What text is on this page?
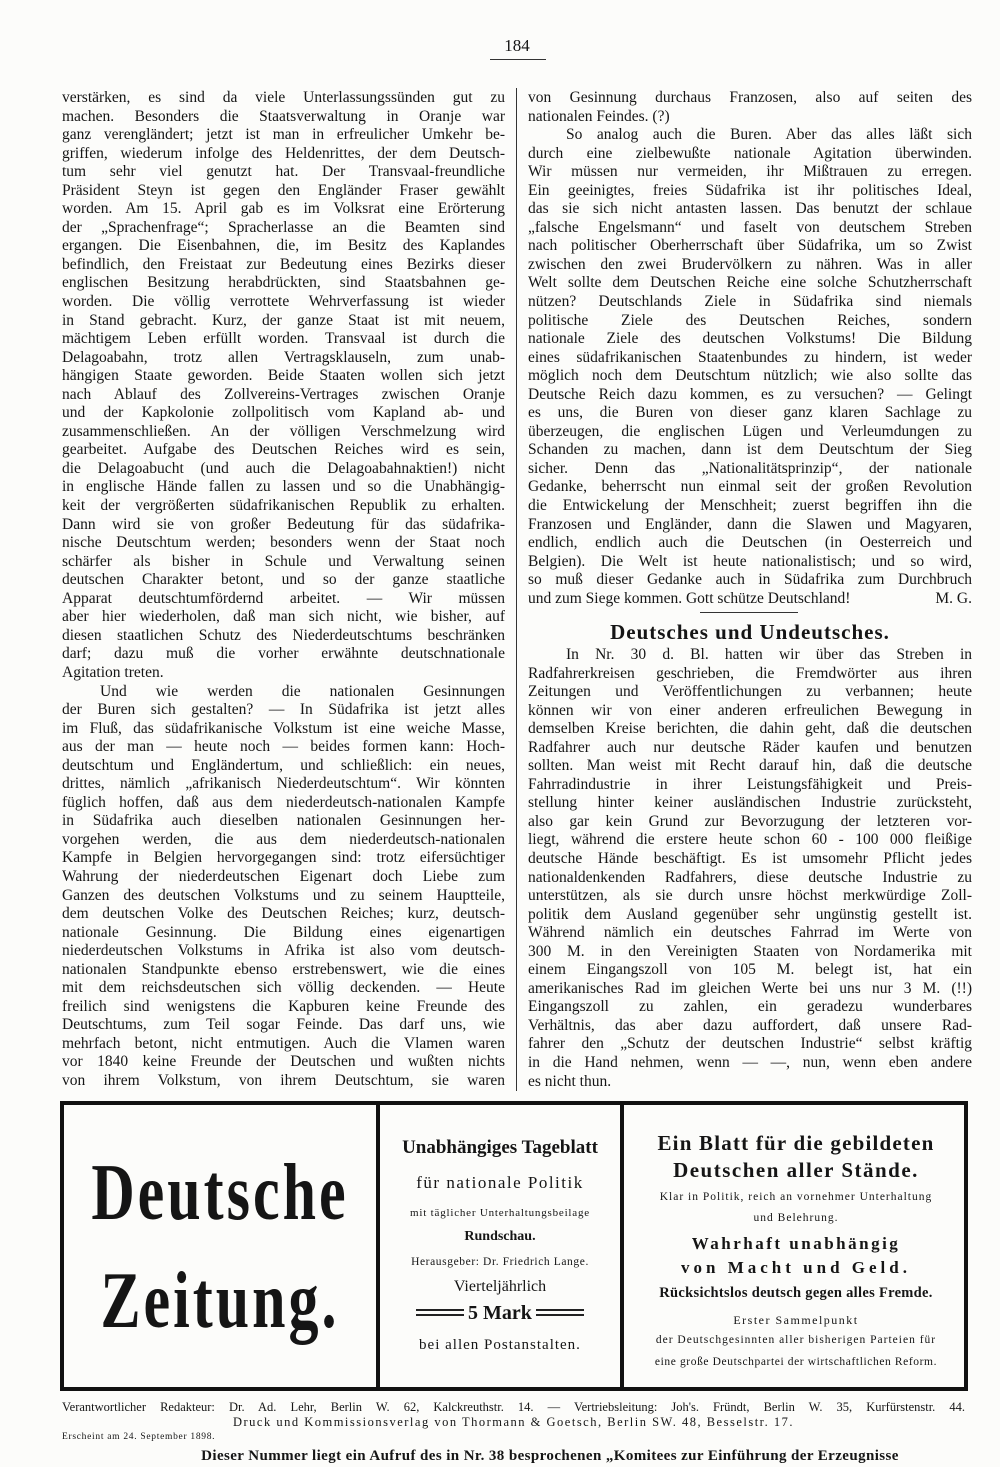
184
verstärken, es sind da viele Unterlassungssünden gut zu
machen. Besonders die Staatsverwaltung in Oranje war
ganz verengländert; jetzt ist man in erfreulicher Umkehr be-
griffen, wiederum infolge des Heldenrittes, der dem Deutsch-
tum sehr viel genutzt hat. Der Transvaal-freundliche
Präsident Steyn ist gegen den Engländer Fraser gewählt
worden. Am 15. April gab es im Volksrat eine Erörterung
der „Sprachenfrage“; Spracherlasse an die Beamten sind
ergangen. Die Eisenbahnen, die, im Besitz des Kaplandes
befindlich, den Freistaat zur Bedeutung eines Bezirks dieser
englischen Besitzung herabdrückten, sind Staatsbahnen ge-
worden. Die völlig verrottete Wehrverfassung ist wieder
in Stand gebracht. Kurz, der ganze Staat ist mit neuem,
mächtigem Leben erfüllt worden. Transvaal ist durch die
Delagoabahn, trotz allen Vertragsklauseln, zum unab-
hängigen Staate geworden. Beide Staaten wollen sich jetzt
nach Ablauf des Zollvereins-Vertrages zwischen Oranje
und der Kapkolonie zollpolitisch vom Kapland ab- und
zusammenschließen. An der völligen Verschmelzung wird
gearbeitet. Aufgabe des Deutschen Reiches wird es sein,
die Delagoabucht (und auch die Delagoabahnaktien!) nicht
in englische Hände fallen zu lassen und so die Unabhängig-
keit der vergrößerten südafrikanischen Republik zu erhalten.
Dann wird sie von großer Bedeutung für das südafrika-
nische Deutschtum werden; besonders wenn der Staat noch
schärfer als bisher in Schule und Verwaltung seinen
deutschen Charakter betont, und so der ganze staatliche
Apparat deutschtumfördernd arbeitet. — Wir müssen
aber hier wiederholen, daß man sich nicht, wie bisher, auf
diesen staatlichen Schutz des Niederdeutschtums beschränken
darf; dazu muß die vorher erwähnte deutschnationale
Agitation treten.
Und wie werden die nationalen Gesinnungen
der Buren sich gestalten? — In Südafrika ist jetzt alles
im Fluß, das südafrikanische Volkstum ist eine weiche Masse,
aus der man — heute noch — beides formen kann: Hoch-
deutschtum und Engländertum, und schließlich: ein neues,
drittes, nämlich „afrikanisch Niederdeutschtum“. Wir könnten
füglich hoffen, daß aus dem niederdeutsch-nationalen Kampfe
in Südafrika auch dieselben nationalen Gesinnungen her-
vorgehen werden, die aus dem niederdeutsch-nationalen
Kampfe in Belgien hervorgegangen sind: trotz eifersüchtiger
Wahrung der niederdeutschen Eigenart doch Liebe zum
Ganzen des deutschen Volkstums und zu seinem Hauptteile,
dem deutschen Volke des Deutschen Reiches; kurz, deutsch-
nationale Gesinnung. Die Bildung eines eigenartigen
niederdeutschen Volkstums in Afrika ist also vom deutsch-
nationalen Standpunkte ebenso erstrebenswert, wie die eines
mit dem reichsdeutschen sich völlig deckenden. — Heute
freilich sind wenigstens die Kapburen keine Freunde des
Deutschtums, zum Teil sogar Feinde. Das darf uns, wie
mehrfach betont, nicht entmutigen. Auch die Vlamen waren
vor 1840 keine Freunde der Deutschen und wußten nichts
von ihrem Volkstum, von ihrem Deutschtum, sie waren
von Gesinnung durchaus Franzosen, also auf seiten des
nationalen Feindes. (?)
So analog auch die Buren. Aber das alles läßt sich
durch eine zielbewußte nationale Agitation überwinden.
Wir müssen nur vermeiden, ihr Mißtrauen zu erregen.
Ein geeinigtes, freies Südafrika ist ihr politisches Ideal,
das sie sich nicht antasten lassen. Das benutzt der schlaue
„falsche Engelsmann“ und faselt von deutschem Streben
nach politischer Oberherrschaft über Südafrika, um so Zwist
zwischen den zwei Brudervölkern zu nähren. Was in aller
Welt sollte dem Deutschen Reiche eine solche Schutzherrschaft
nützen? Deutschlands Ziele in Südafrika sind niemals
politische Ziele des Deutschen Reiches, sondern
nationale Ziele des deutschen Volkstums! Die Bildung
eines südafrikanischen Staatenbundes zu hindern, ist weder
möglich noch dem Deutschtum nützlich; wie also sollte das
Deutsche Reich dazu kommen, es zu versuchen? — Gelingt
es uns, die Buren von dieser ganz klaren Sachlage zu
überzeugen, die englischen Lügen und Verleumdungen zu
Schanden zu machen, dann ist dem Deutschtum der Sieg
sicher. Denn das „Nationalitätsprinzip“, der nationale
Gedanke, beherrscht nun einmal seit der großen Revolution
die Entwickelung der Menschheit; zuerst begriffen ihn die
Franzosen und Engländer, dann die Slawen und Magyaren,
endlich, endlich auch die Deutschen (in Oesterreich und
Belgien). Die Welt ist heute nationalistisch; und so wird,
so muß dieser Gedanke auch in Südafrika zum Durchbruch
und zum Siege kommen. Gott schütze Deutschland!	M. G.
Deutsches und Undeutsches.
In Nr. 30 d. Bl. hatten wir über das Streben in
Radfahrerkreisen geschrieben, die Fremdwörter aus ihren
Zeitungen und Veröffentlichungen zu verbannen; heute
können wir von einer anderen erfreulichen Bewegung in
demselben Kreise berichten, die dahin geht, daß die deutschen
Radfahrer auch nur deutsche Räder kaufen und benutzen
sollten. Man weist mit Recht darauf hin, daß die deutsche
Fahrradindustrie in ihrer Leistungsfähigkeit und Preis-
stellung hinter keiner ausländischen Industrie zurücksteht,
also gar kein Grund zur Bevorzugung der letzteren vor-
liegt, während die erstere heute schon 60 - 100 000 fleißige
deutsche Hände beschäftigt. Es ist umsomehr Pflicht jedes
nationaldenkenden Radfahrers, diese deutsche Industrie zu
unterstützen, als sie durch unsre höchst merkwürdige Zoll-
politik dem Ausland gegenüber sehr ungünstig gestellt ist.
Während nämlich ein deutsches Fahrrad im Werte von
300 M. in den Vereinigten Staaten von Nordamerika mit
einem Eingangszoll von 105 M. belegt ist, hat ein
amerikanisches Rad im gleichen Werte bei uns nur 3 M. (!!)
Eingangszoll zu zahlen, ein geradezu wunderbares
Verhältnis, das aber dazu auffordert, daß unsere Rad-
fahrer den „Schutz der deutschen Industrie“ selbst kräftig
in die Hand nehmen, wenn — —, nun, wenn eben andere
es nicht thun.
Deutsche
Zeitung.
Unabhängiges Tageblatt
für nationale Politik
mit täglicher Unterhaltungsbeilage
Rundschau.
Herausgeber: Dr. Friedrich Lange.
Vierteljährlich
5 Mark
bei allen Postanstalten.
Ein Blatt für die gebildeten
Deutschen aller Stände.
Klar in Politik, reich an vornehmer Unterhaltung
und Belehrung.
Wahrhaft unabhängig
von Macht und Geld.
Rücksichtslos deutsch gegen alles Fremde.
Erster Sammelpunkt
der Deutschgesinnten aller bisherigen Parteien für
eine große Deutschpartei der wirtschaftlichen Reform.
Verantwortlicher Redakteur: Dr. Ad. Lehr, Berlin W. 62, Kalckreuthstr. 14. — Vertriebsleitung: Joh's. Fründt, Berlin W. 35, Kurfürstenstr. 44.
Druck und Kommissionsverlag von Thormann & Goetsch, Berlin SW. 48, Besselstr. 17.
Erscheint am 24. September 1898.
Dieser Nummer liegt ein Aufruf des in Nr. 38 besprochenen „Komitees zur Einführung der Erzeugnisse
